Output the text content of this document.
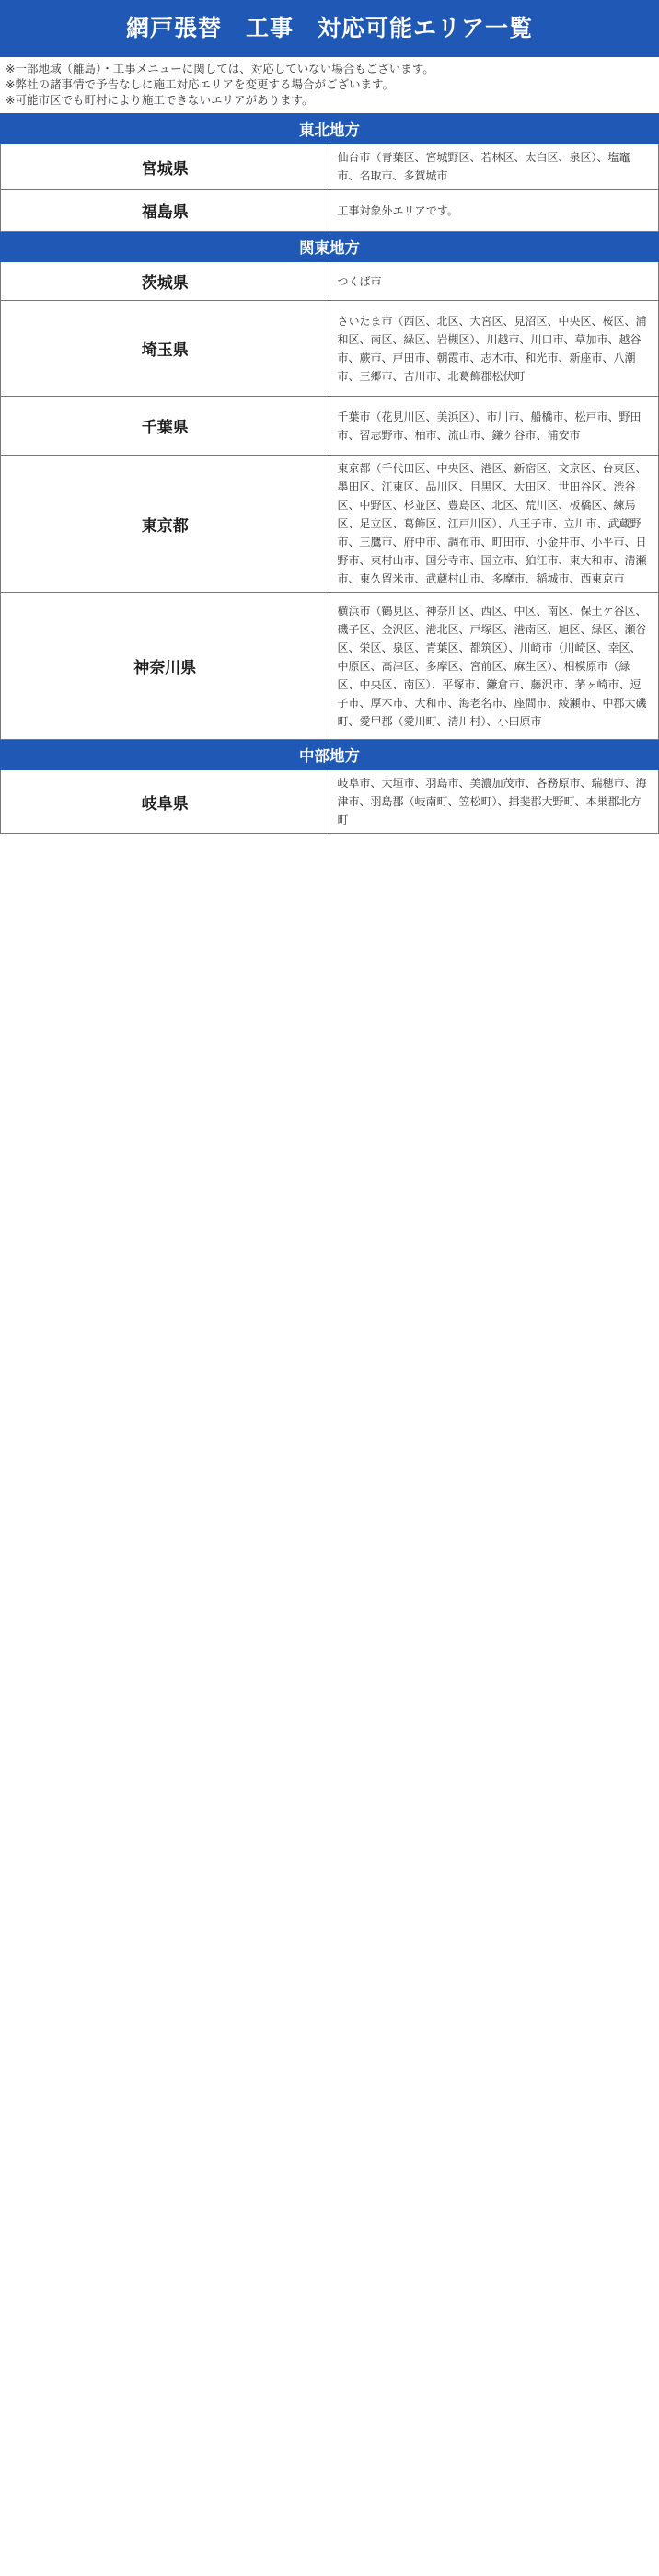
網戸張替　工事　対応可能エリア一覧
※一部地域（離島）・工事メニューに関しては、対応していない場合もございます。
※弊社の諸事情で予告なしに施工対応エリアを変更する場合がございます。
※可能市区でも町村により施工できないエリアがあります。
東北地方	
宮城県	仙台市（青葉区、宮城野区、若林区、太白区、泉区）、塩竈市、名取市、多賀城市
福島県	工事対象外エリアです。
関東地方	
茨城県	つくば市
埼玉県	さいたま市（西区、北区、大宮区、見沼区、中央区、桜区、浦和区、南区、緑区、岩槻区）、川越市、川口市、草加市、越谷市、蕨市、戸田市、朝霞市、志木市、和光市、新座市、八潮市、三郷市、吉川市、北葛飾郡松伏町
千葉県	千葉市（花見川区、美浜区）、市川市、船橋市、松戸市、野田市、習志野市、柏市、流山市、鎌ケ谷市、浦安市
東京都	東京都（千代田区、中央区、港区、新宿区、文京区、台東区、墨田区、江東区、品川区、目黒区、大田区、世田谷区、渋谷区、中野区、杉並区、豊島区、北区、荒川区、板橋区、練馬区、足立区、葛飾区、江戸川区）、八王子市、立川市、武蔵野市、三鷹市、府中市、調布市、町田市、小金井市、小平市、日野市、東村山市、国分寺市、国立市、狛江市、東大和市、清瀬市、東久留米市、武蔵村山市、多摩市、稲城市、西東京市
神奈川県	横浜市（鶴見区、神奈川区、西区、中区、南区、保土ケ谷区、磯子区、金沢区、港北区、戸塚区、港南区、旭区、緑区、瀬谷区、栄区、泉区、青葉区、都筑区）、川崎市（川崎区、幸区、中原区、高津区、多摩区、宮前区、麻生区）、相模原市（緑区、中央区、南区）、平塚市、鎌倉市、藤沢市、茅ヶ崎市、逗子市、厚木市、大和市、海老名市、座間市、綾瀬市、中郡大磯町、愛甲郡（愛川町、清川村）、小田原市
中部地方	
岐阜県	岐阜市、大垣市、羽島市、美濃加茂市、各務原市、瑞穂市、海津市、羽島郡（岐南町、笠松町）、揖斐郡大野町、本巣郡北方町
